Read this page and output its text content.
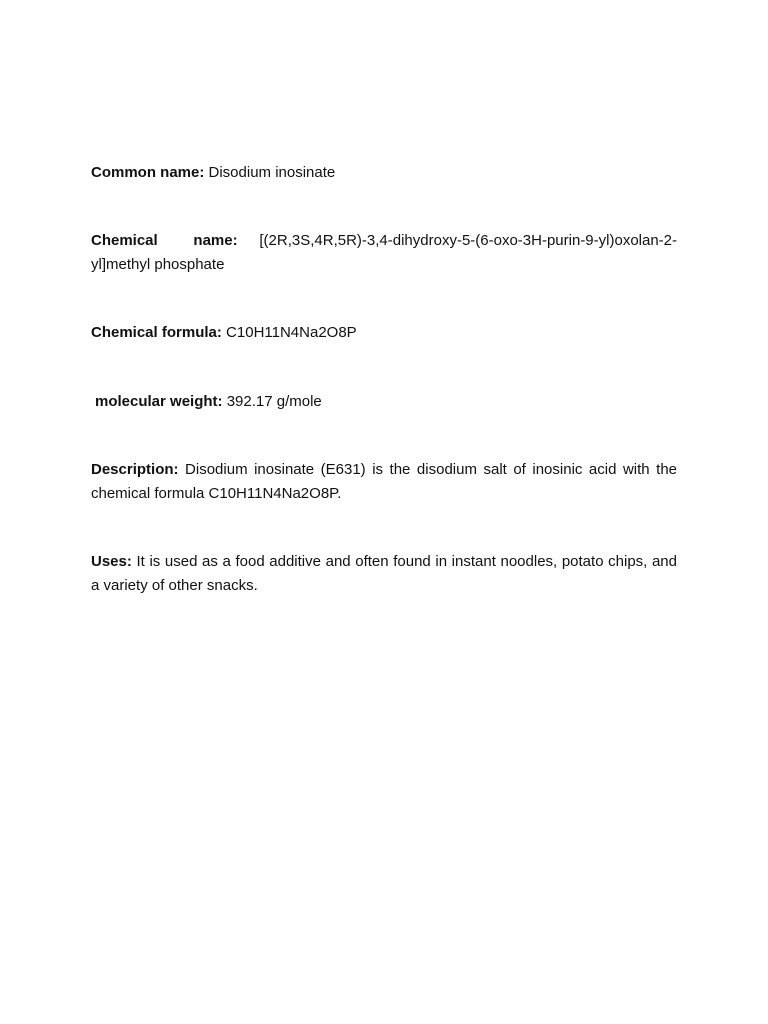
Common name: Disodium inosinate

Chemical name: [(2R,3S,4R,5R)-3,4-dihydroxy-5-(6-oxo-3H-purin-9-yl)oxolan-2-yl]methyl phosphate

Chemical formula: C10H11N4Na2O8P

molecular weight: 392.17 g/mole

Description: Disodium inosinate (E631) is the disodium salt of inosinic acid with the chemical formula C10H11N4Na2O8P.

Uses: It is used as a food additive and often found in instant noodles, potato chips, and a variety of other snacks.
